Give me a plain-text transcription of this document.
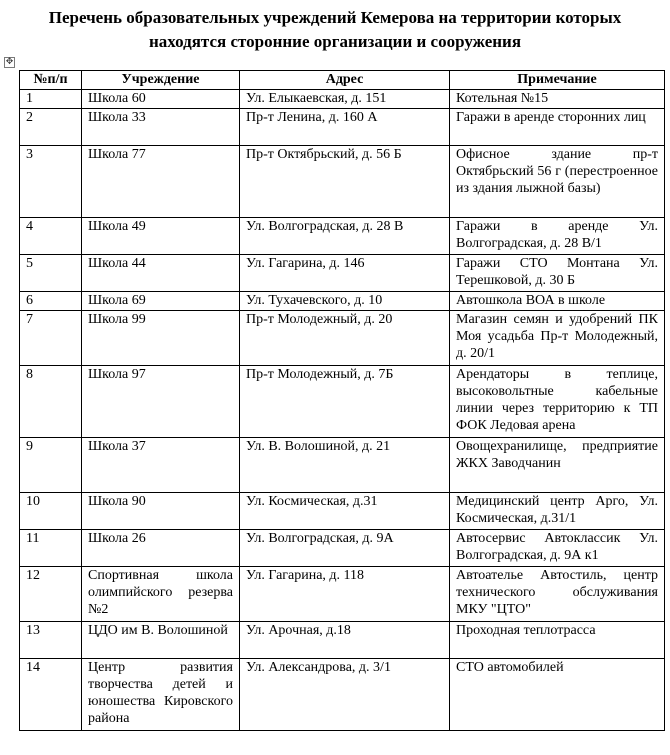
Перечень образовательных учреждений Кемерова на территории которых
находятся сторонние организации и сооружения
✥
№п/п	Учреждение	Адрес	Примечание
1	Школа 60	Ул. Елыкаевская, д. 151	Котельная №15
2	Школа 33	Пр-т Ленина, д. 160 А	Гаражи в аренде сторонних лиц
3	Школа 77	Пр-т Октябрьский, д. 56 Б	Офисное здание пр-т Октябрьский 56 г (перестроенное из здания лыжной базы)
4	Школа 49	Ул. Волгоградская, д. 28 В	Гаражи в аренде Ул. Волгоградская, д. 28 В/1
5	Школа 44	Ул. Гагарина, д. 146	Гаражи СТО Монтана Ул. Терешковой, д. 30 Б
6	Школа 69	Ул. Тухачевского, д. 10	Автошкола ВОА в школе
7	Школа 99	Пр-т Молодежный, д. 20	Магазин семян и удобрений ПК Моя усадьба Пр-т Молодежный, д. 20/1
8	Школа 97	Пр-т Молодежный, д. 7Б	Арендаторы в теплице, высоковольтные кабельные линии через территорию к ТП ФОК Ледовая арена
9	Школа 37	Ул. В. Волошиной, д. 21	Овощехранилище, предприятие ЖКХ Заводчанин
10	Школа 90	Ул. Космическая, д.31	Медицинский центр Арго, Ул. Космическая, д.31/1
11	Школа 26	Ул. Волгоградская, д. 9А	Автосервис Автоклассик Ул. Волгоградская, д. 9А к1
12	Спортивная школа олимпийского резерва №2	Ул. Гагарина, д. 118	Автоателье Автостиль, центр технического обслуживания МКУ "ЦТО"
13	ЦДО им В. Волошиной	Ул. Арочная, д.18	Проходная теплотрасса
14	Центр развития творчества детей и юношества Кировского района	Ул. Александрова, д. 3/1	СТО автомобилей
